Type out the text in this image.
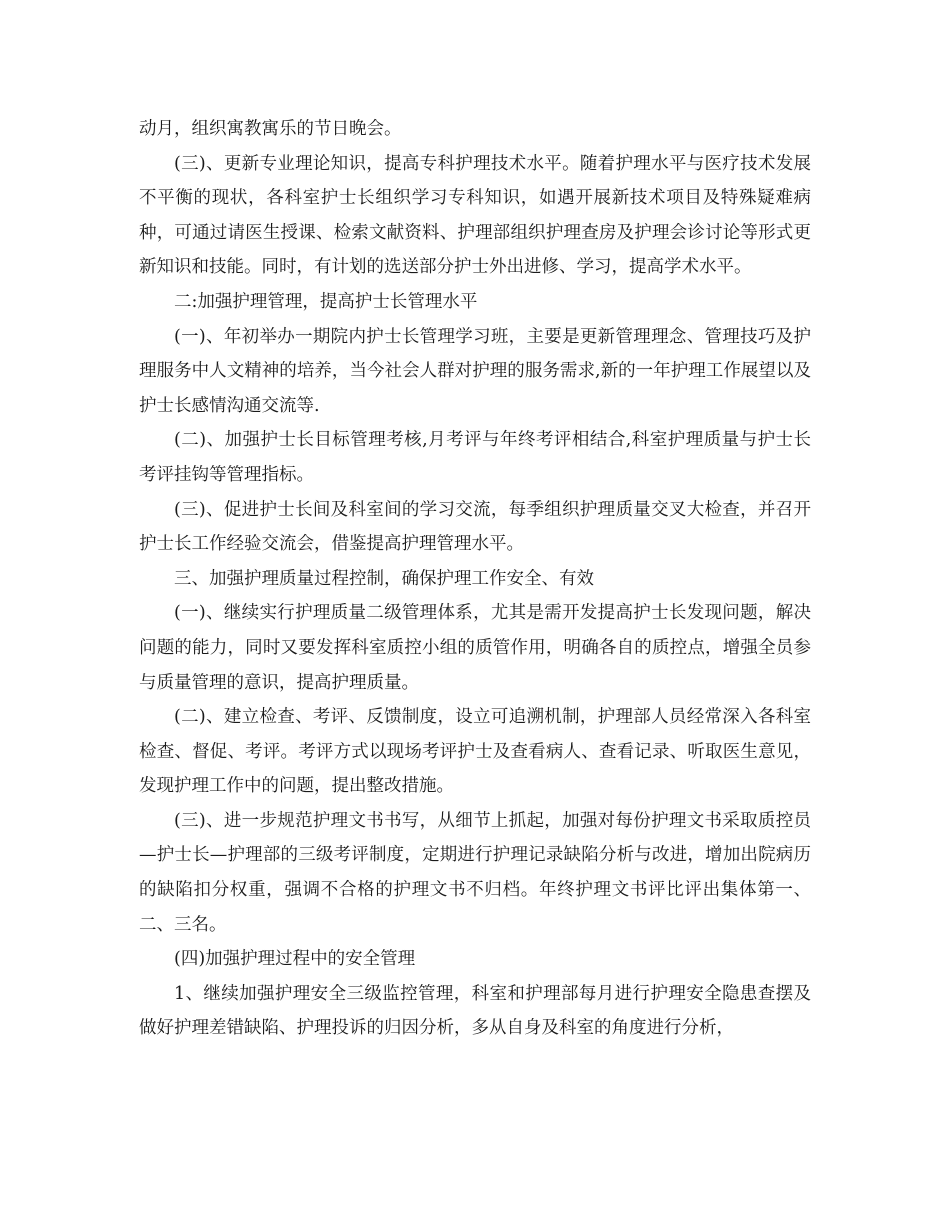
动月，组织寓教寓乐的节日晚会。

(三)、更新专业理论知识，提高专科护理技术水平。随着护理水平与医疗技术发展不平衡的现状，各科室护士长组织学习专科知识，如遇开展新技术项目及特殊疑难病种，可通过请医生授课、检索文献资料、护理部组织护理查房及护理会诊讨论等形式更新知识和技能。同时，有计划的选送部分护士外出进修、学习，提高学术水平。

二:加强护理管理，提高护士长管理水平

(一)、年初举办一期院内护士长管理学习班，主要是更新管理理念、管理技巧及护理服务中人文精神的培养，当今社会人群对护理的服务需求,新的一年护理工作展望以及护士长感情沟通交流等.

(二)、加强护士长目标管理考核,月考评与年终考评相结合,科室护理质量与护士长考评挂钩等管理指标。

(三)、促进护士长间及科室间的学习交流，每季组织护理质量交叉大检查，并召开护士长工作经验交流会，借鉴提高护理管理水平。

三、加强护理质量过程控制，确保护理工作安全、有效

(一)、继续实行护理质量二级管理体系，尤其是需开发提高护士长发现问题，解决问题的能力，同时又要发挥科室质控小组的质管作用，明确各自的质控点，增强全员参与质量管理的意识，提高护理质量。

(二)、建立检查、考评、反馈制度，设立可追溯机制，护理部人员经常深入各科室检查、督促、考评。考评方式以现场考评护士及查看病人、查看记录、听取医生意见，发现护理工作中的问题，提出整改措施。

(三)、进一步规范护理文书书写，从细节上抓起，加强对每份护理文书采取质控员—护士长—护理部的三级考评制度，定期进行护理记录缺陷分析与改进，增加出院病历的缺陷扣分权重，强调不合格的护理文书不归档。年终护理文书评比评出集体第一、二、三名。

(四)加强护理过程中的安全管理

1、继续加强护理安全三级监控管理，科室和护理部每月进行护理安全隐患查摆及做好护理差错缺陷、护理投诉的归因分析，多从自身及科室的角度进行分析，
